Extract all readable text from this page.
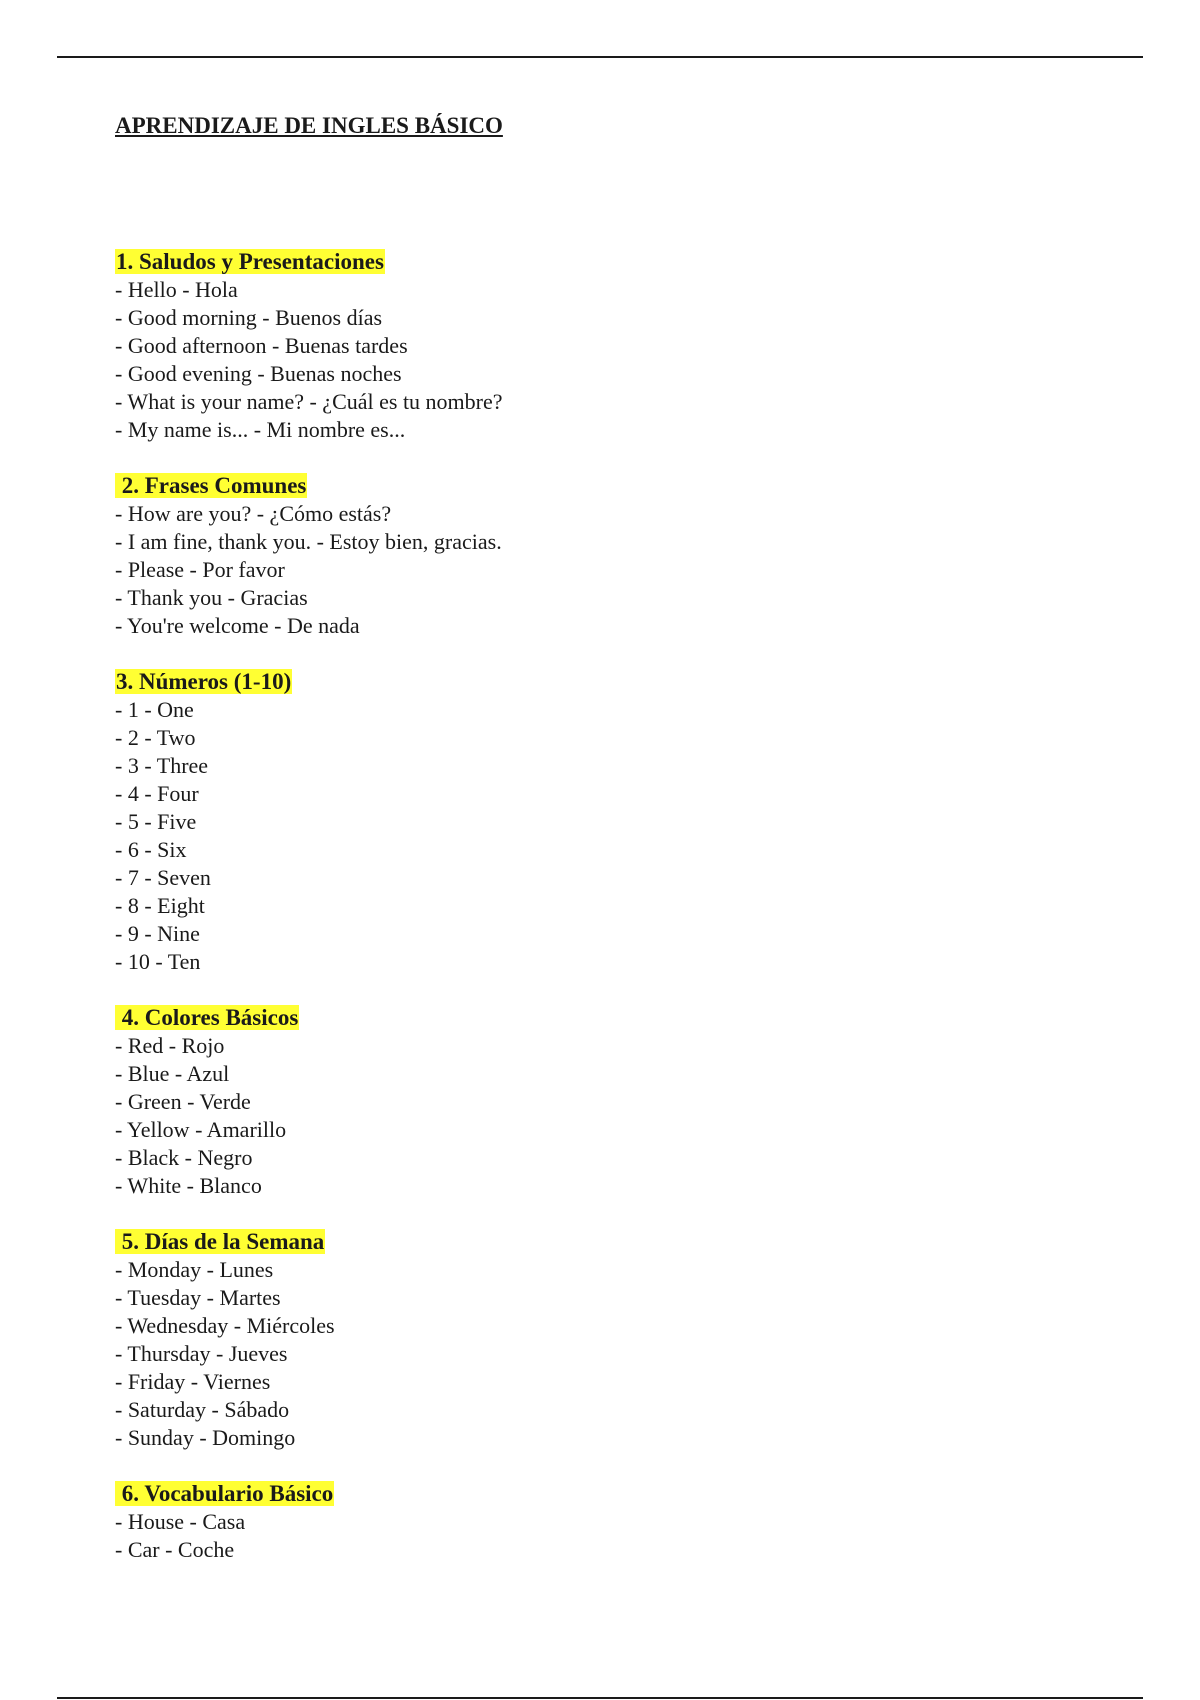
APRENDIZAJE DE INGLES BÁSICO

1. Saludos y Presentaciones

- Hello - Hola
- Good morning - Buenos días
- Good afternoon - Buenas tardes
- Good evening - Buenas noches
- What is your name? - ¿Cuál es tu nombre?
- My name is... - Mi nombre es...

2. Frases Comunes

- How are you? - ¿Cómo estás?
- I am fine, thank you. - Estoy bien, gracias.
- Please - Por favor
- Thank you - Gracias
- You're welcome - De nada

3. Números (1-10)

- 1 - One
- 2 - Two
- 3 - Three
- 4 - Four
- 5 - Five
- 6 - Six
- 7 - Seven
- 8 - Eight
- 9 - Nine
- 10 - Ten

4. Colores Básicos

- Red - Rojo
- Blue - Azul
- Green - Verde
- Yellow - Amarillo
- Black - Negro
- White - Blanco

5. Días de la Semana

- Monday - Lunes
- Tuesday - Martes
- Wednesday - Miércoles
- Thursday - Jueves
- Friday - Viernes
- Saturday - Sábado
- Sunday - Domingo

6. Vocabulario Básico

- House - Casa
- Car - Coche
